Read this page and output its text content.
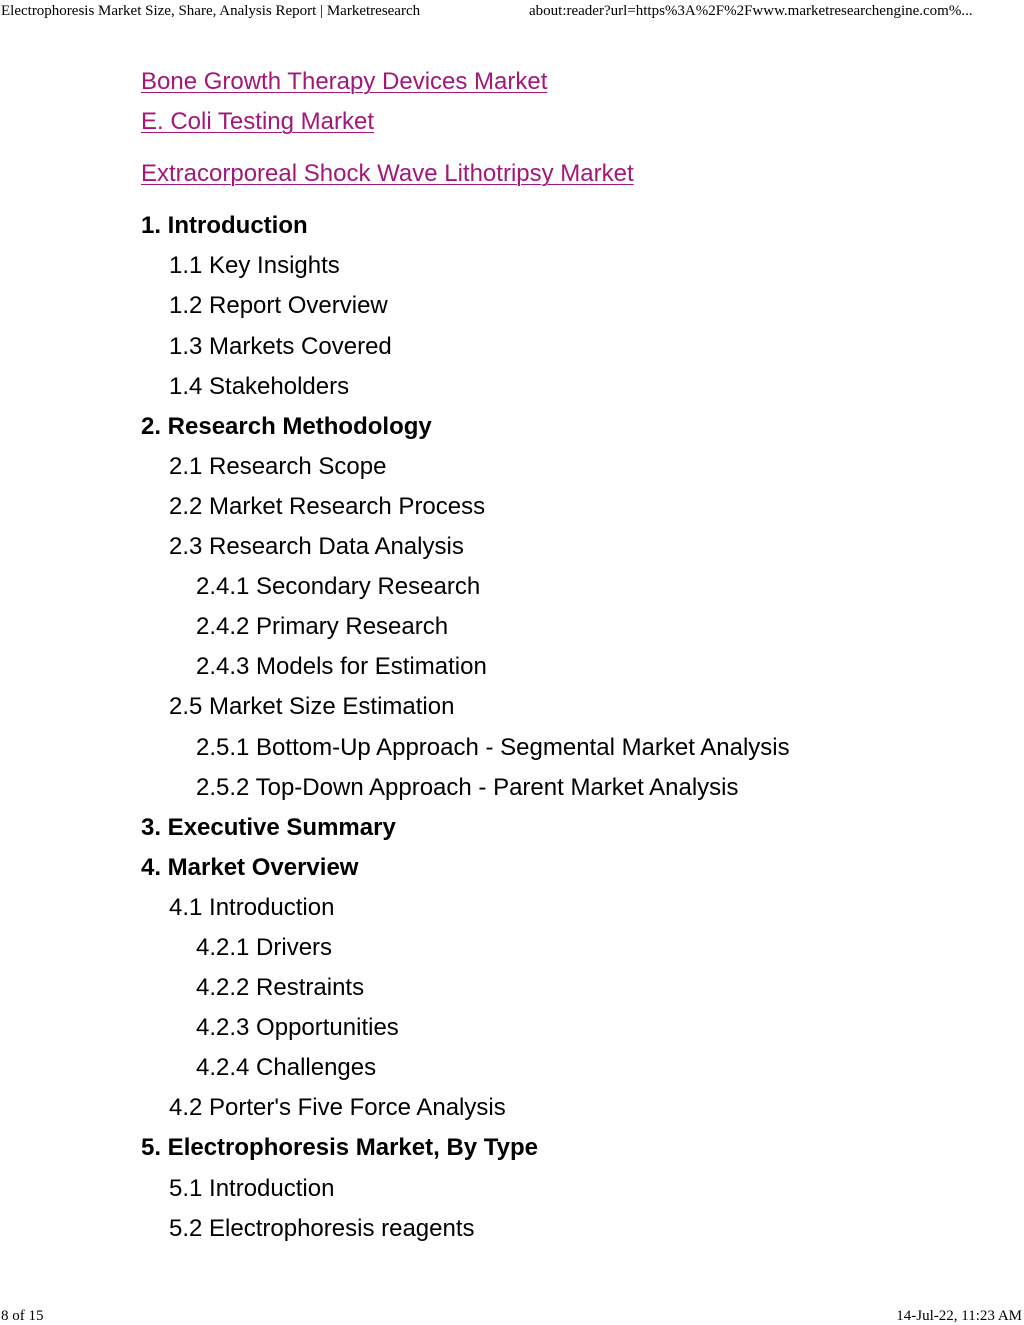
Electrophoresis Market Size, Share, Analysis Report | Marketresearch	about:reader?url=https%3A%2F%2Fwww.marketresearchengine.com%...
Bone Growth Therapy Devices Market
E. Coli Testing Market
Extracorporeal Shock Wave Lithotripsy Market
1. Introduction
1.1 Key Insights
1.2 Report Overview
1.3 Markets Covered
1.4 Stakeholders
2. Research Methodology
2.1 Research Scope
2.2 Market Research Process
2.3 Research Data Analysis
2.4.1 Secondary Research
2.4.2 Primary Research
2.4.3 Models for Estimation
2.5 Market Size Estimation
2.5.1 Bottom-Up Approach - Segmental Market Analysis
2.5.2 Top-Down Approach - Parent Market Analysis
3. Executive Summary
4. Market Overview
4.1 Introduction
4.2.1 Drivers
4.2.2 Restraints
4.2.3 Opportunities
4.2.4 Challenges
4.2 Porter's Five Force Analysis
5. Electrophoresis Market, By Type
5.1 Introduction
5.2 Electrophoresis reagents
8 of 15	14-Jul-22, 11:23 AM
